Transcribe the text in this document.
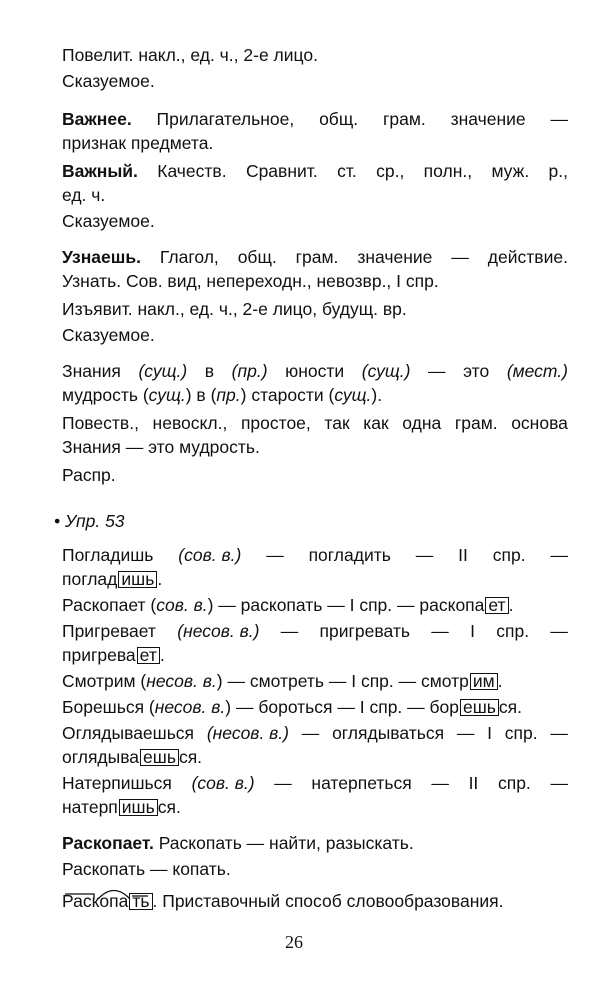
Повелит. накл., ед. ч., 2-е лицо.
Сказуемое.
Важнее. Прилагательное, общ. грам. значение —
признак предмета.
Важный. Качеств. Сравнит. ст. ср., полн., муж. р.,
ед. ч.
Сказуемое.
Узнаешь. Глагол, общ. грам. значение — действие.
Узнать. Сов. вид, непереходн., невозвр., I спр.
Изъявит. накл., ед. ч., 2-е лицо, будущ. вр.
Сказуемое.
Знания (сущ.) в (пр.) юности (сущ.) — это (мест.)
мудрость (сущ.) в (пр.) старости (сущ.).
Повеств., невоскл., простое, так как одна грам. основа
Знания — это мудрость.
Распр.
• Упр. 53
Погладишь (сов. в.) — погладить — II спр. —
поглад ишь .
Раскопает (сов. в.) — раскопать — I спр. — раскопа ет .
Пригревает (несов. в.) — пригревать — I спр. —
пригрева ет .
Смотрим (несов. в.) — смотреть — I спр. — смотр им .
Борешься (несов. в.) — бороться — I спр. — бор ешь ся.
Оглядываешься (несов. в.) — оглядываться — I спр. —
оглядыва ешь ся.
Натерпишься (сов. в.) — натерпеться — II спр. —
натерп ишь ся.
Раскопает. Раскопать — найти, разыскать.
Раскопать — копать.
Раскопа ть . Приставочный способ словообразования.
26
